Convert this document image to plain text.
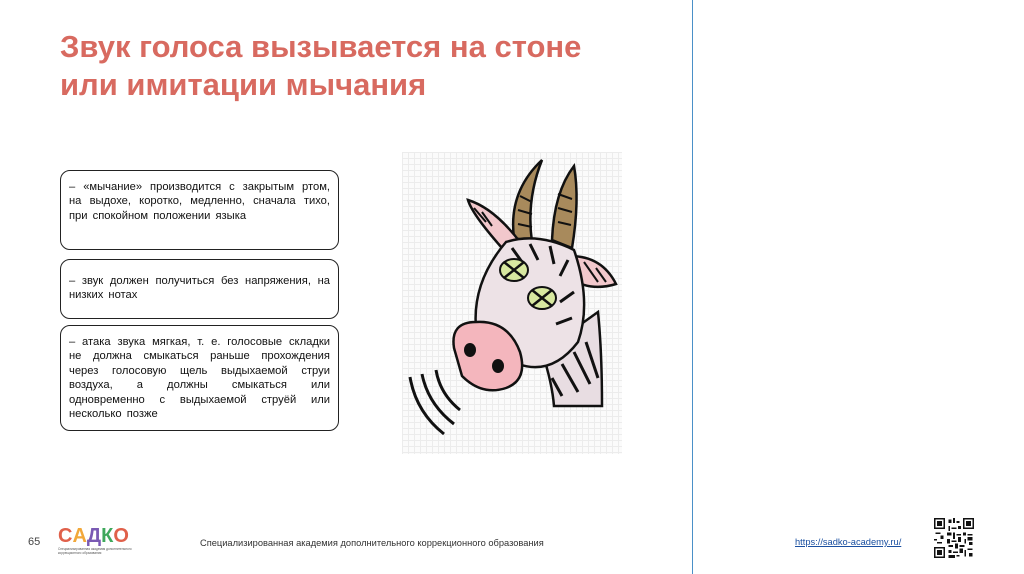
Звук голоса вызывается на стоне
или имитации мычания
– «мычание» производится с закрытым ртом, на выдохе, коротко, медленно, сначала тихо, при спокойном положении языка
– звук должен получиться без напряжения, на низких нотах
– атака звука мягкая, т. е. голосовые складки не должна смыкаться раньше прохождения через голосовую щель выдыхаемой струи воздуха, а должны смыкаться или одновременно с выдыхаемой струёй или несколько позже
65 С А Д К О
Специализированная академия дополнительного коррекционного образования
Специализированная академия дополнительного коррекционного образования	https://sadko-academy.ru/
